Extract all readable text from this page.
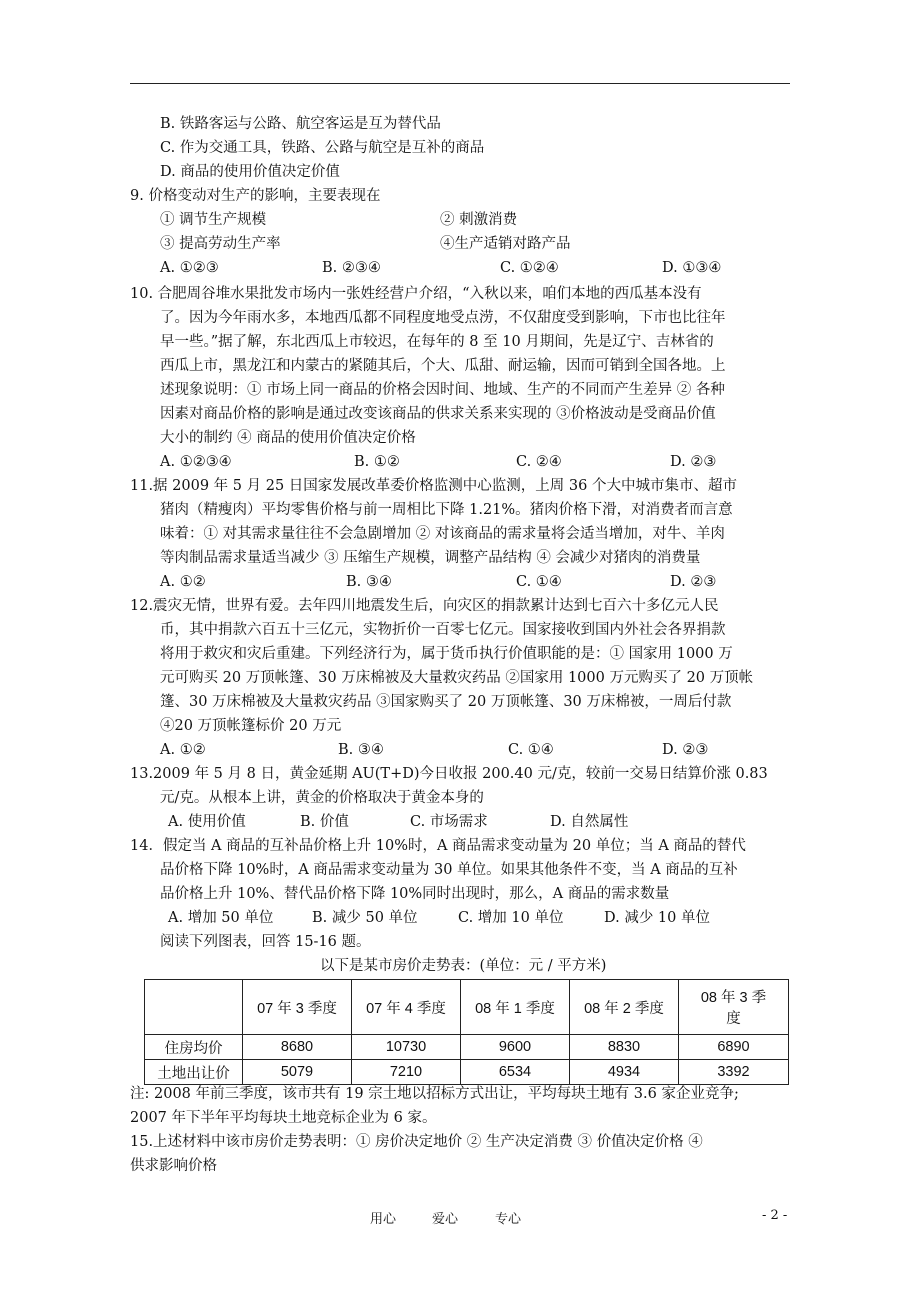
B. 铁路客运与公路、航空客运是互为替代品
C. 作为交通工具，铁路、公路与航空是互补的商品
D. 商品的使用价值决定价值
9. 价格变动对生产的影响，主要表现在
① 调节生产规模	② 刺激消费
③ 提高劳动生产率	④生产适销对路产品
A. ①②③	B. ②③④	C. ①②④	D. ①③④
10. 合肥周谷堆水果批发市场内一张姓经营户介绍，“入秋以来，咱们本地的西瓜基本没有
了。因为今年雨水多，本地西瓜都不同程度地受点涝，不仅甜度受到影响，下市也比往年
早一些。”据了解，东北西瓜上市较迟，在每年的 8 至 10 月期间，先是辽宁、吉林省的
西瓜上市，黑龙江和内蒙古的紧随其后，个大、瓜甜、耐运输，因而可销到全国各地。上
述现象说明：① 市场上同一商品的价格会因时间、地域、生产的不同而产生差异 ② 各种
因素对商品价格的影响是通过改变该商品的供求关系来实现的 ③价格波动是受商品价值
大小的制约 ④ 商品的使用价值决定价格
A. ①②③④	B. ①②	C. ②④	D. ②③
11.据 2009 年 5 月 25 日国家发展改革委价格监测中心监测，上周 36 个大中城市集市、超市
猪肉（精瘦肉）平均零售价格与前一周相比下降 1.21%。猪肉价格下滑，对消费者而言意
味着：① 对其需求量往往不会急剧增加 ② 对该商品的需求量将会适当增加，对牛、羊肉
等肉制品需求量适当减少 ③ 压缩生产规模，调整产品结构 ④ 会减少对猪肉的消费量
A. ①②	B. ③④	C. ①④	D. ②③
12.震灾无情，世界有爱。去年四川地震发生后，向灾区的捐款累计达到七百六十多亿元人民
币，其中捐款六百五十三亿元，实物折价一百零七亿元。国家接收到国内外社会各界捐款
将用于救灾和灾后重建。下列经济行为，属于货币执行价值职能的是：① 国家用 1000 万
元可购买 20 万顶帐篷、30 万床棉被及大量救灾药品 ②国家用 1000 万元购买了 20 万顶帐
篷、30 万床棉被及大量救灾药品 ③国家购买了 20 万顶帐篷、30 万床棉被，一周后付款
④20 万顶帐篷标价 20 万元
A. ①②	B. ③④	C. ①④	D. ②③
13.2009 年 5 月 8 日，黄金延期 AU(T+D)今日收报 200.40 元/克，较前一交易日结算价涨 0.83
元/克。从根本上讲，黄金的价格取决于黄金本身的
A. 使用价值	B. 价值	C. 市场需求	D. 自然属性
14．假定当 A 商品的互补品价格上升 10%时，A 商品需求变动量为 20 单位；当 A 商品的替代
品价格下降 10%时，A 商品需求变动量为 30 单位。如果其他条件不变，当 A 商品的互补
品价格上升 10%、替代品价格下降 10%同时出现时，那么，A 商品的需求数量
A. 增加 50 单位	B. 减少 50 单位	C. 增加 10 单位	D. 减少 10 单位
阅读下列图表，回答 15-16 题。
以下是某市房价走势表：(单位：元 / 平方米)
	07 年 3 季度	07 年 4 季度	08 年 1 季度	08 年 2 季度	08 年 3 季
度

住房均价	8680	10730	9600	8830	6890
土地出让价	5079	7210	6534	4934	3392
注: 2008 年前三季度，该市共有 19 宗土地以招标方式出让，平均每块土地有 3.6 家企业竞争;
2007 年下半年平均每块土地竞标企业为 6 家。
15.上述材料中该市房价走势表明：① 房价决定地价 ② 生产决定消费 ③ 价值决定价格 ④
供求影响价格
用心	爱心	专心	- 2 -
